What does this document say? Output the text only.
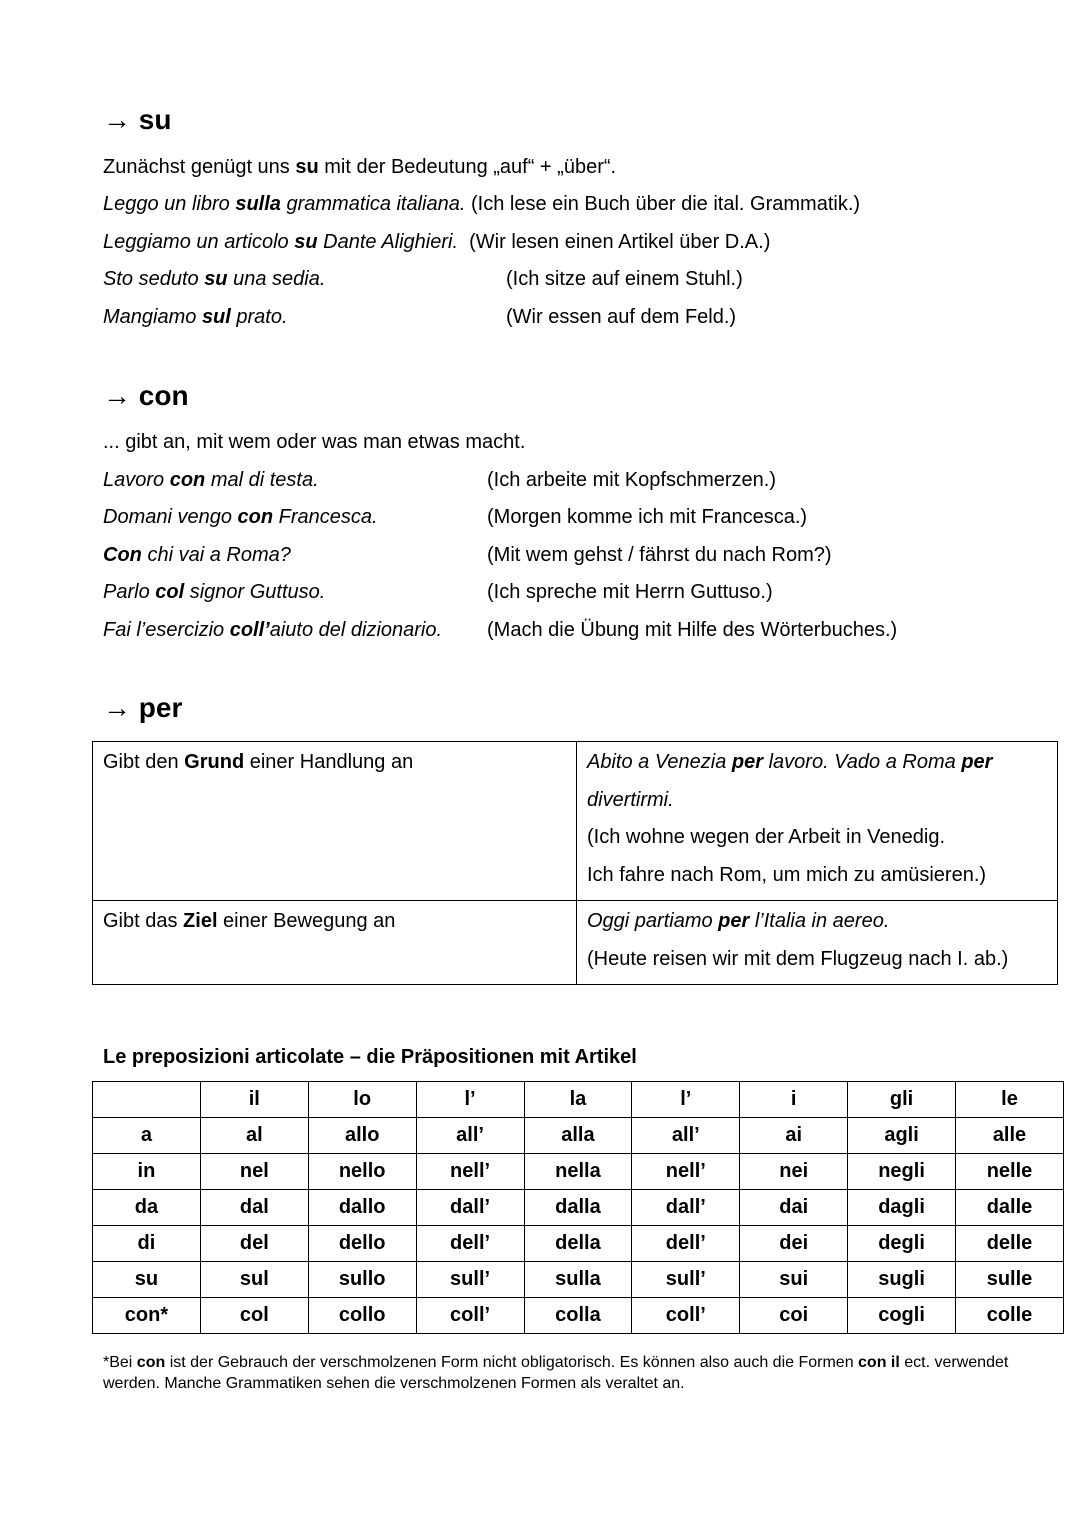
→ su
Zunächst genügt uns su mit der Bedeutung „auf“ + „über“.
Leggo un libro sulla grammatica italiana. (Ich lese ein Buch über die ital. Grammatik.)
Leggiamo un articolo su Dante Alighieri.  (Wir lesen einen Artikel über D.A.)
Sto seduto su una sedia.	(Ich sitze auf einem Stuhl.)
Mangiamo sul prato.	(Wir essen auf dem Feld.)
→ con
... gibt an, mit wem oder was man etwas macht.
Lavoro con mal di testa.	(Ich arbeite mit Kopfschmerzen.)
Domani vengo con Francesca.	(Morgen komme ich mit Francesca.)
Con chi vai a Roma?	(Mit wem gehst / fährst du nach Rom?)
Parlo col signor Guttuso.	(Ich spreche mit Herrn Guttuso.)
Fai l’esercizio coll’aiuto del dizionario. (Mach die Übung mit Hilfe des Wörterbuches.)
→ per
Gibt den Grund einer Handlung an	Abito a Venezia per lavoro. Vado a Roma per divertirmi.
(Ich wohne wegen der Arbeit in Venedig.
Ich fahre nach Rom, um mich zu amüsieren.)

Gibt das Ziel einer Bewegung an	Oggi partiamo per l’Italia in aereo.
(Heute reisen wir mit dem Flugzeug nach I. ab.)
Le preposizioni articolate – die Präpositionen mit Artikel
	il	lo	l’	la	l’	i	gli	le
a	al	allo	all’	alla	all’	ai	agli	alle
in	nel	nello	nell’	nella	nell’	nei	negli	nelle
da	dal	dallo	dall’	dalla	dall’	dai	dagli	dalle
di	del	dello	dell’	della	dell’	dei	degli	delle
su	sul	sullo	sull’	sulla	sull’	sui	sugli	sulle
con*	col	collo	coll’	colla	coll’	coi	cogli	colle
*Bei con ist der Gebrauch der verschmolzenen Form nicht obligatorisch. Es können also auch die Formen con il ect. verwendet werden. Manche Grammatiken sehen die verschmolzenen Formen als veraltet an.
